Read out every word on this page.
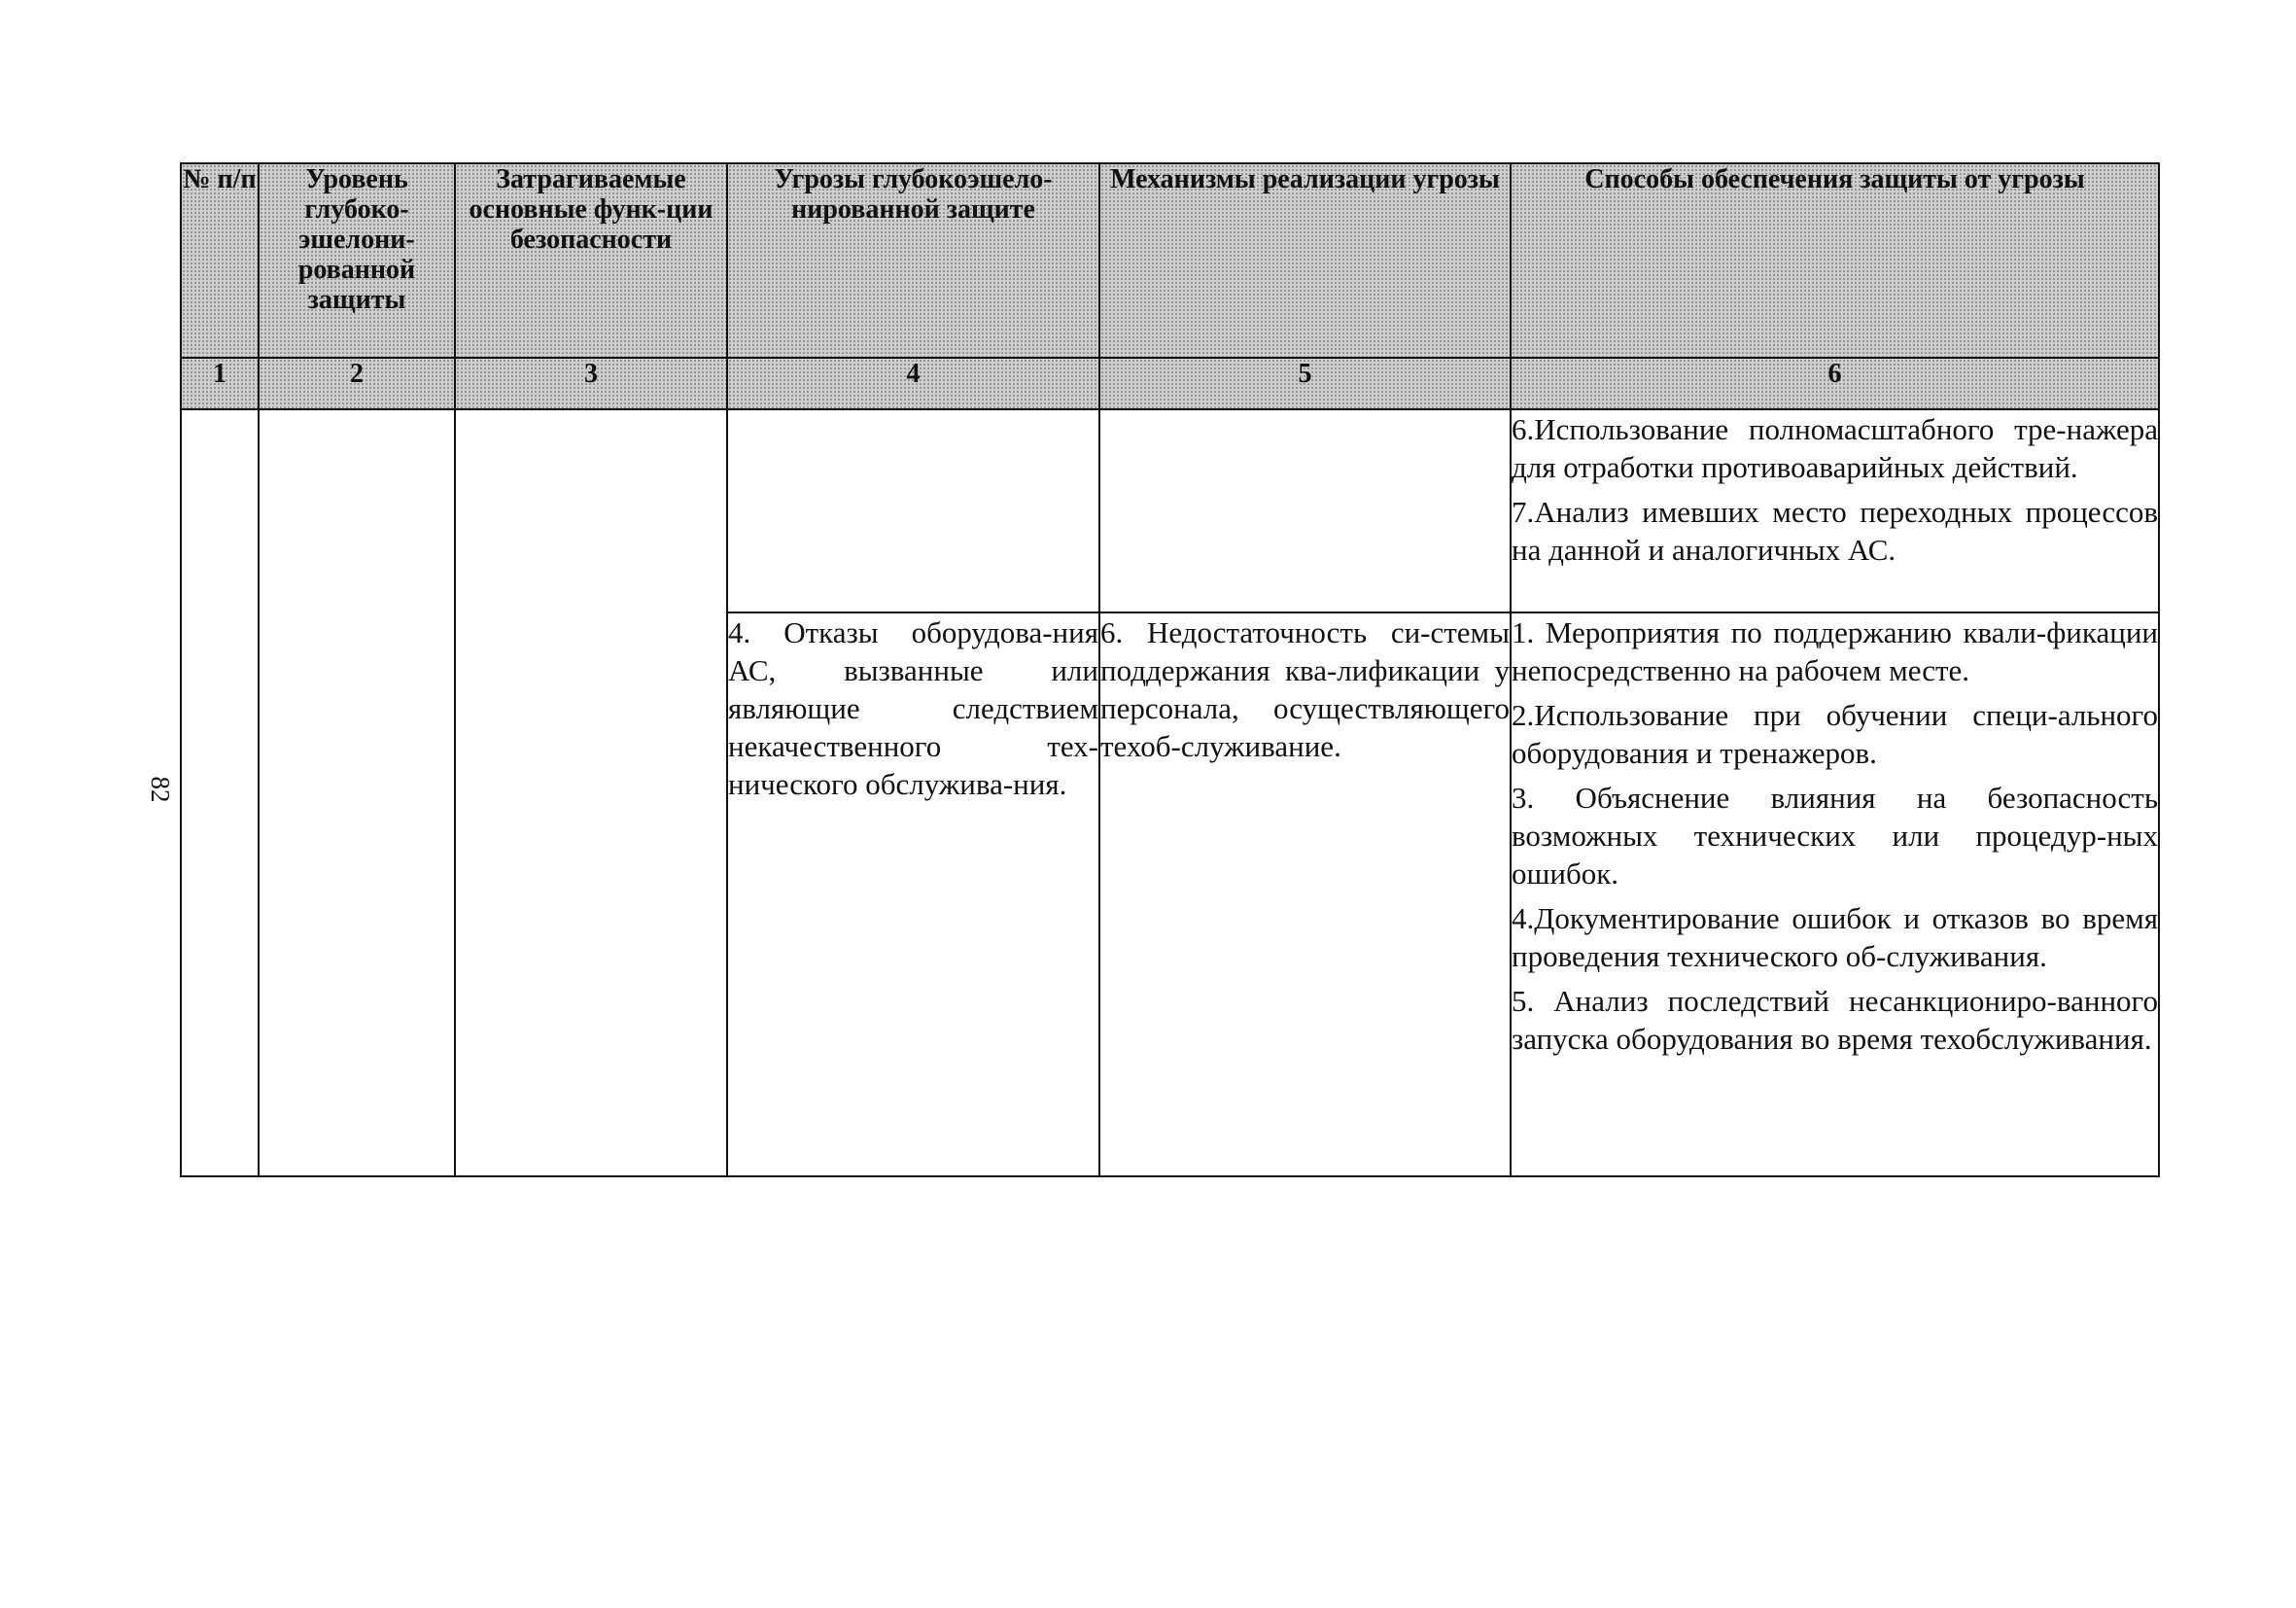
82
№ п/п	Уровень глубоко-эшелони-рованной защиты	Затрагиваемые основные функ-ции безопасности	Угрозы глубокоэшело-нированной защите	Механизмы реализации угрозы	Способы обеспечения защиты от угрозы
1	2	3	4	5	6

					6.Использование полномасштабного тре-нажера для отработки противоаварийных действий.

7.Анализ имевших место переходных процессов на данной и аналогичных АС.

			4. Отказы оборудова-ния АС, вызванные или являющие следствием некачественного тех-нического обслужива-ния.	6. Недостаточность си-стемы поддержания ква-лификации у персонала, осуществляющего техоб-служивание.	1. Мероприятия по поддержанию квали-фикации непосредственно на рабочем месте.

2.Использование при обучении специ-ального оборудования и тренажеров.

3. Объяснение влияния на безопасность возможных технических или процедур-ных ошибок.

4.Документирование ошибок и отказов во время проведения технического об-служивания.

5. Анализ последствий несанкциониро-ванного запуска оборудования во время техобслуживания.
